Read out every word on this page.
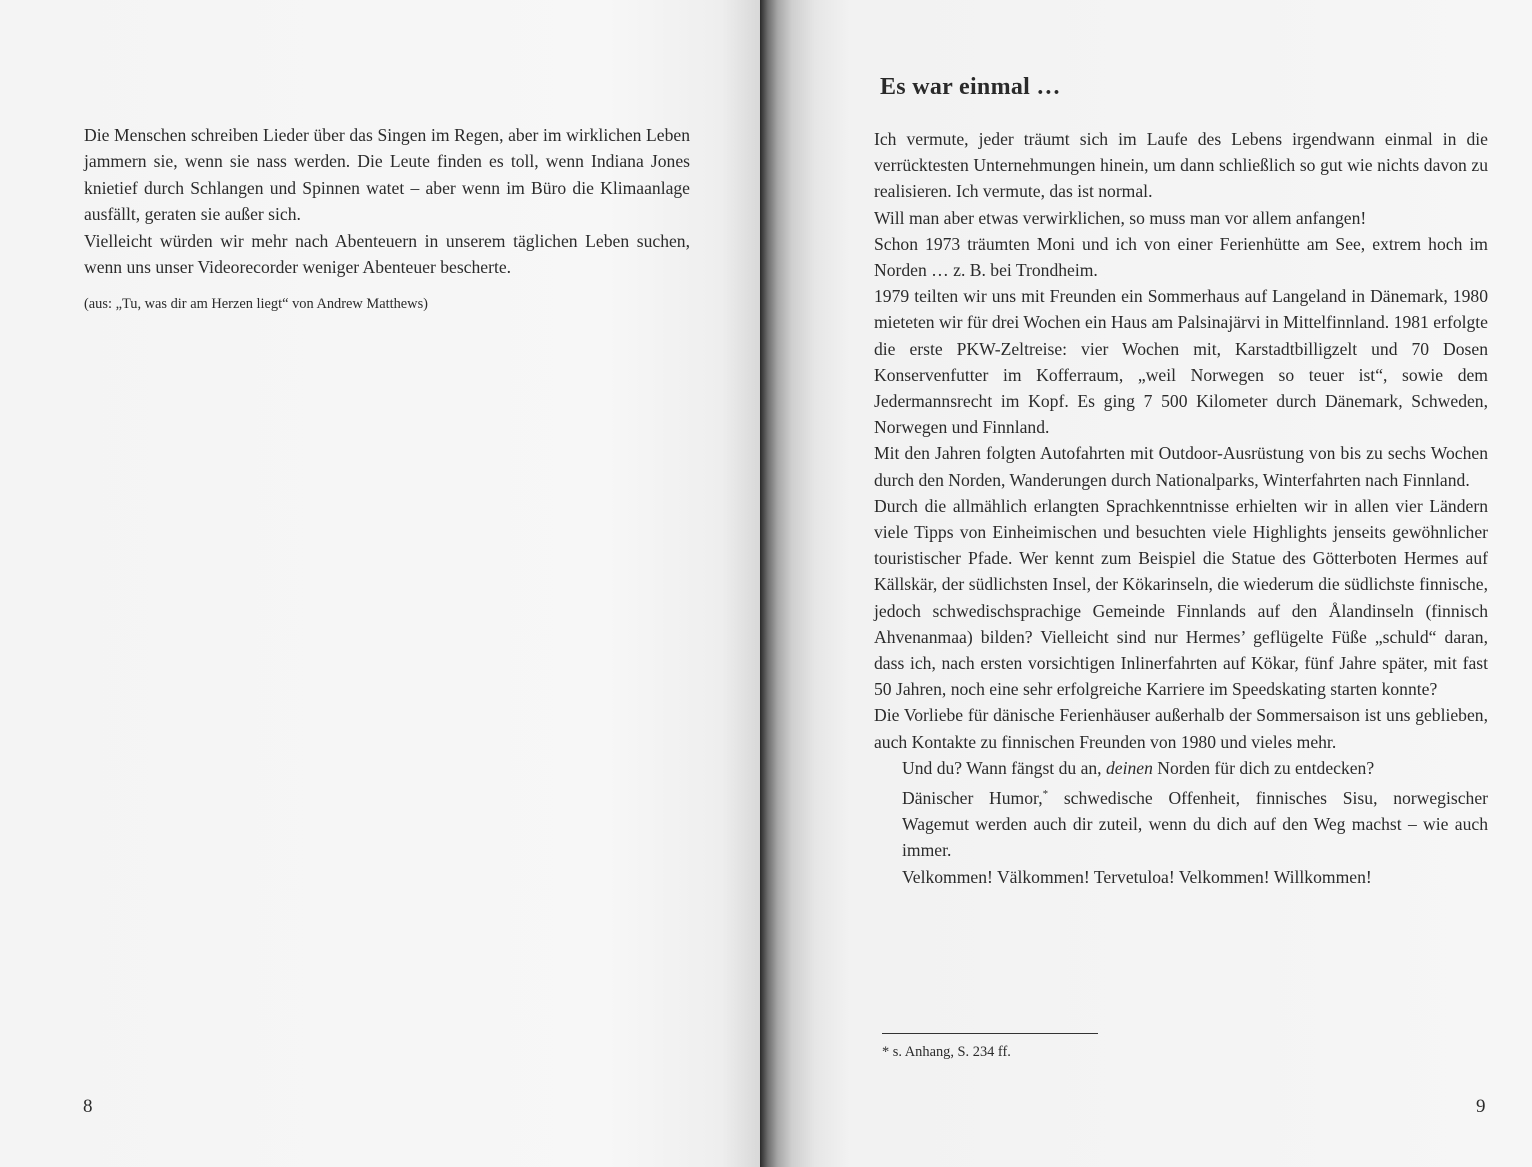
Die Menschen schreiben Lieder über das Singen im Regen, aber im wirklichen Leben jammern sie, wenn sie nass werden. Die Leute finden es toll, wenn Indiana Jones knietief durch Schlangen und Spinnen watet – aber wenn im Büro die Klimaanlage ausfällt, geraten sie außer sich.

Vielleicht würden wir mehr nach Abenteuern in unserem täglichen Leben suchen, wenn uns unser Videorecorder weniger Abenteuer bescherte.

(aus: „Tu, was dir am Herzen liegt“ von Andrew Matthews)
8
Es war einmal …

Ich vermute, jeder träumt sich im Laufe des Lebens irgendwann einmal in die verrücktesten Unternehmungen hinein, um dann schließlich so gut wie nichts davon zu realisieren. Ich vermute, das ist normal.

Will man aber etwas verwirklichen, so muss man vor allem anfangen!

Schon 1973 träumten Moni und ich von einer Ferienhütte am See, extrem hoch im Norden … z. B. bei Trondheim.

1979 teilten wir uns mit Freunden ein Sommerhaus auf Langeland in Dänemark, 1980 mieteten wir für drei Wochen ein Haus am Palsinajärvi in Mittelfinnland. 1981 erfolgte die erste PKW-Zeltreise: vier Wochen mit, Karstadtbilligzelt und 70 Dosen Konservenfutter im Kofferraum, „weil Norwegen so teuer ist“, sowie dem Jedermannsrecht im Kopf. Es ging 7 500 Kilometer durch Dänemark, Schweden, Norwegen und Finnland.

Mit den Jahren folgten Autofahrten mit Outdoor-Ausrüstung von bis zu sechs Wochen durch den Norden, Wanderungen durch Nationalparks, Winterfahrten nach Finnland.

Durch die allmählich erlangten Sprachkenntnisse erhielten wir in allen vier Ländern viele Tipps von Einheimischen und besuchten viele Highlights jenseits gewöhnlicher touristischer Pfade. Wer kennt zum Beispiel die Statue des Götterboten Hermes auf Källskär, der südlichsten Insel, der Kökarinseln, die wiederum die südlichste finnische, jedoch schwedischsprachige Gemeinde Finnlands auf den Ålandinseln (finnisch Ahvenanmaa) bilden? Vielleicht sind nur Hermes’ geflügelte Füße „schuld“ daran, dass ich, nach ersten vorsichtigen Inlinerfahrten auf Kökar, fünf Jahre später, mit fast 50 Jahren, noch eine sehr erfolgreiche Karriere im Speedskating starten konnte?

Die Vorliebe für dänische Ferienhäuser außerhalb der Sommersaison ist uns geblieben, auch Kontakte zu finnischen Freunden von 1980 und vieles mehr.

Und du? Wann fängst du an, deinen Norden für dich zu entdecken?

Dänischer Humor,* schwedische Offenheit, finnisches Sisu, norwegischer Wagemut werden auch dir zuteil, wenn du dich auf den Weg machst – wie auch immer.

Velkommen! Välkommen! Tervetuloa! Velkommen! Willkommen!

* s. Anhang, S. 234 ff.
9
